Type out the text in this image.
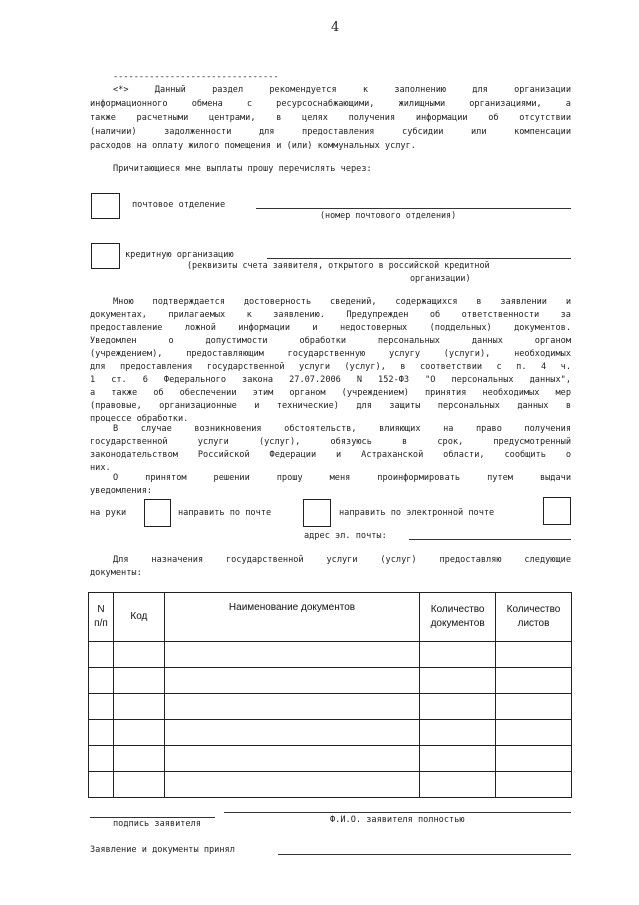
4
--------------------------------
<*> Данный раздел рекомендуется к заполнению для организации
информационного обмена с ресурсоснабжающими, жилищными организациями, а
также расчетными центрами, в целях получения информации об отсутствии
(наличии) задолженности для предоставления субсидии или компенсации
расходов на оплату жилого помещения и (или) коммунальных услуг.
Причитающиеся мне выплаты прошу перечислять через:
почтовое отделение
(номер почтового отделения)
кредитную организацию
(реквизиты счета заявителя, открытого в российской кредитной
организации)
Мною подтверждается достоверность сведений, содержащихся в заявлении и
документах, прилагаемых к заявлению. Предупрежден об ответственности за
предоставление ложной информации и недостоверных (поддельных) документов.
Уведомлен о допустимости обработки персональных данных органом
(учреждением), предоставляющим государственную услугу (услуги), необходимых
для предоставления государственной услуги (услуг), в соответствии с п. 4 ч.
1 ст. 6 Федерального закона 27.07.2006 N 152-ФЗ "О персональных данных",
а также об обеспечении этим органом (учреждением) принятия необходимых мер
(правовые, организационные и технические) для защиты персональных данных в
процессе обработки.
В случае возникновения обстоятельств, влияющих на право получения
государственной услуги (услуг), обязуюсь в срок, предусмотренный
законодательством Российской Федерации и Астраханской области, сообщить о
них.
О принятом решении прошу меня проинформировать путем выдачи
уведомления:
на руки	направить по почте	направить по электронной почте
адрес эл. почты:
Для назначения государственной услуги (услуг) предоставляю следующие
документы:
N п/п	Код	Наименование документов	Количество документов	Количество листов

подпись заявителя	Ф.И.О. заявителя полностью
Заявление и документы принял
